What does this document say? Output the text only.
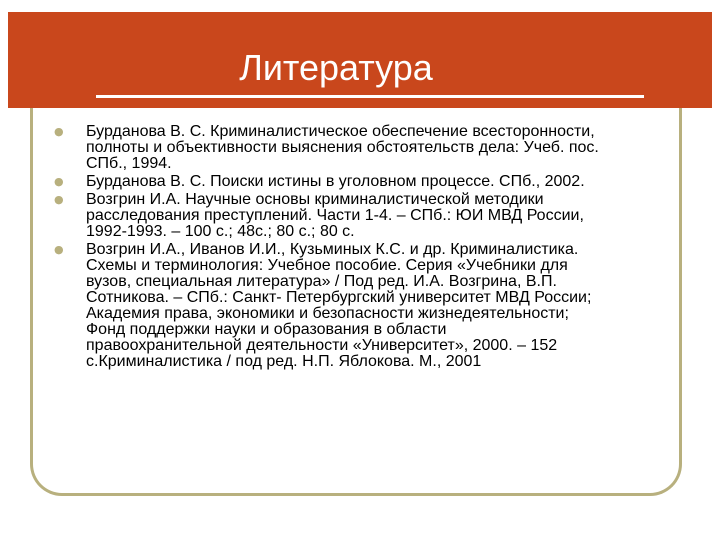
Литература
● Бурданова В. С. Криминалистическое обеспечение всесторонности,
полноты и объективности выяснения обстоятельств дела: Учеб. пос.
СПб., 1994.
● Бурданова В. С. Поиски истины в уголовном процессе. СПб., 2002.
● Возгрин И.А. Научные основы криминалистической методики
расследования преступлений. Части 1-4. – СПб.: ЮИ МВД России,
1992-1993. – 100 с.; 48с.; 80 с.; 80 с.
● Возгрин И.А., Иванов И.И., Кузьминых К.С. и др. Криминалистика.
Схемы и терминология: Учебное пособие. Серия «Учебники для
вузов, специальная литература» / Под ред. И.А. Возгрина, В.П.
Сотникова. – СПб.: Санкт- Петербургский университет МВД России;
Академия права, экономики и безопасности жизнедеятельности;
Фонд поддержки науки и образования в области
правоохранительной деятельности «Университет», 2000. – 152
с.Криминалистика / под ред. Н.П. Яблокова. М., 2001
